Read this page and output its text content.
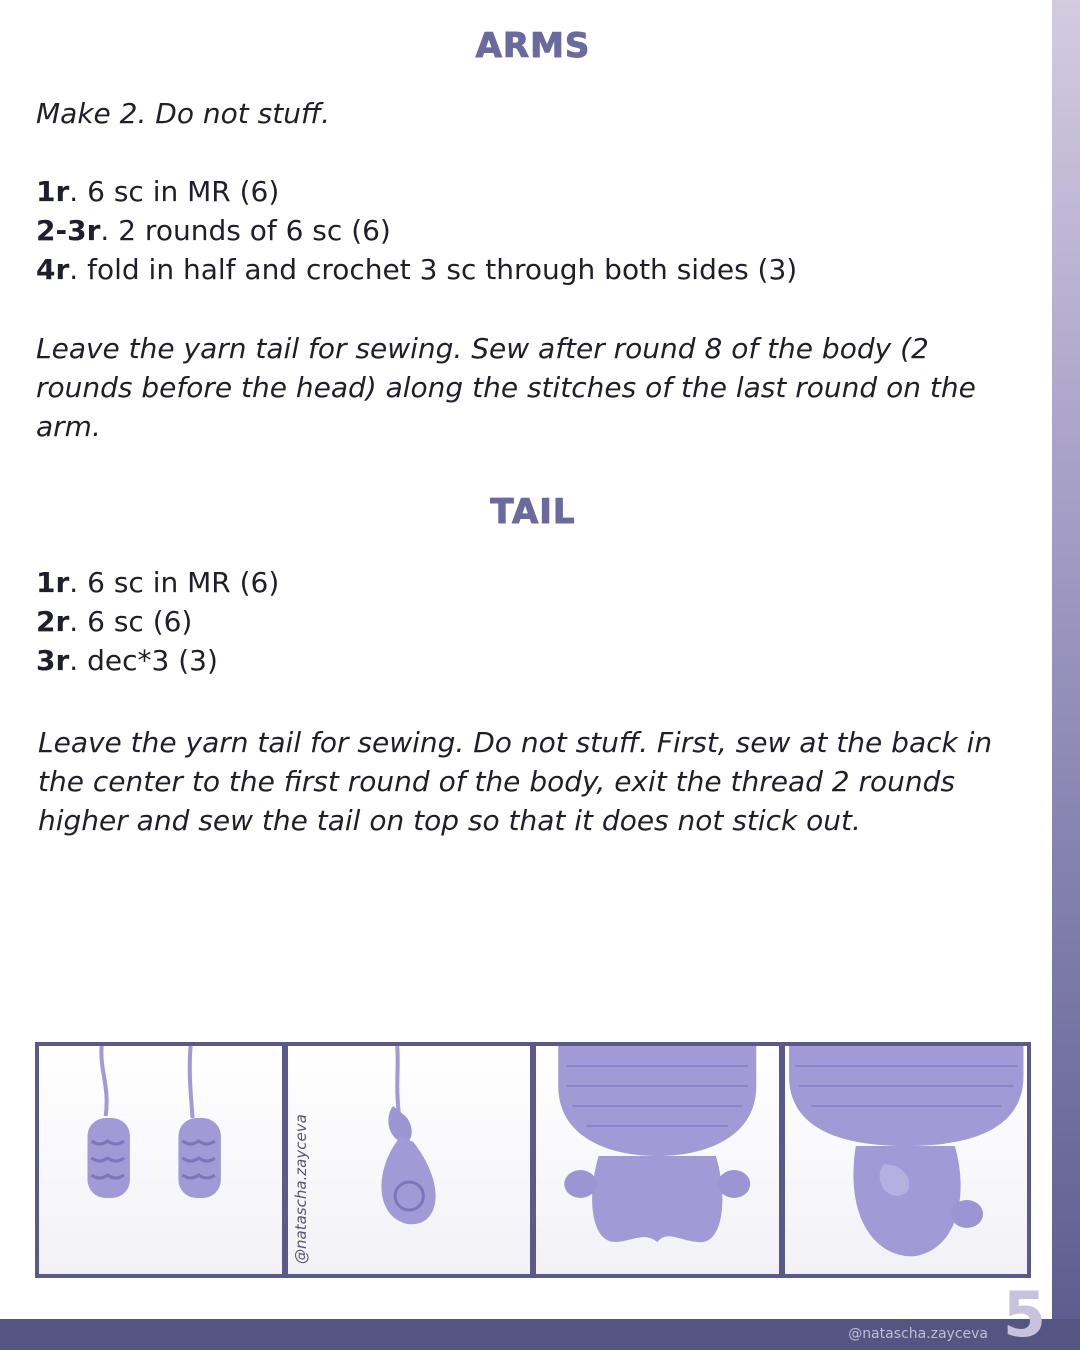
ARMS
Make 2. Do not stuff.
1r. 6 sc in MR (6)
2-3r. 2 rounds of 6 sc (6)
4r. fold in half and crochet 3 sc through both sides (3)
Leave the yarn tail for sewing. Sew after round 8 of the body (2
rounds before the head) along the stitches of the last round on the
arm.
TAIL
1r. 6 sc in MR (6)
2r. 6 sc (6)
3r. dec*3 (3)
Leave the yarn tail for sewing. Do not stuff. First, sew at the back in
the center to the first round of the body, exit the thread 2 rounds
higher and sew the tail on top so that it does not stick out.
@natascha.zayceva
@natascha.zayceva 5
